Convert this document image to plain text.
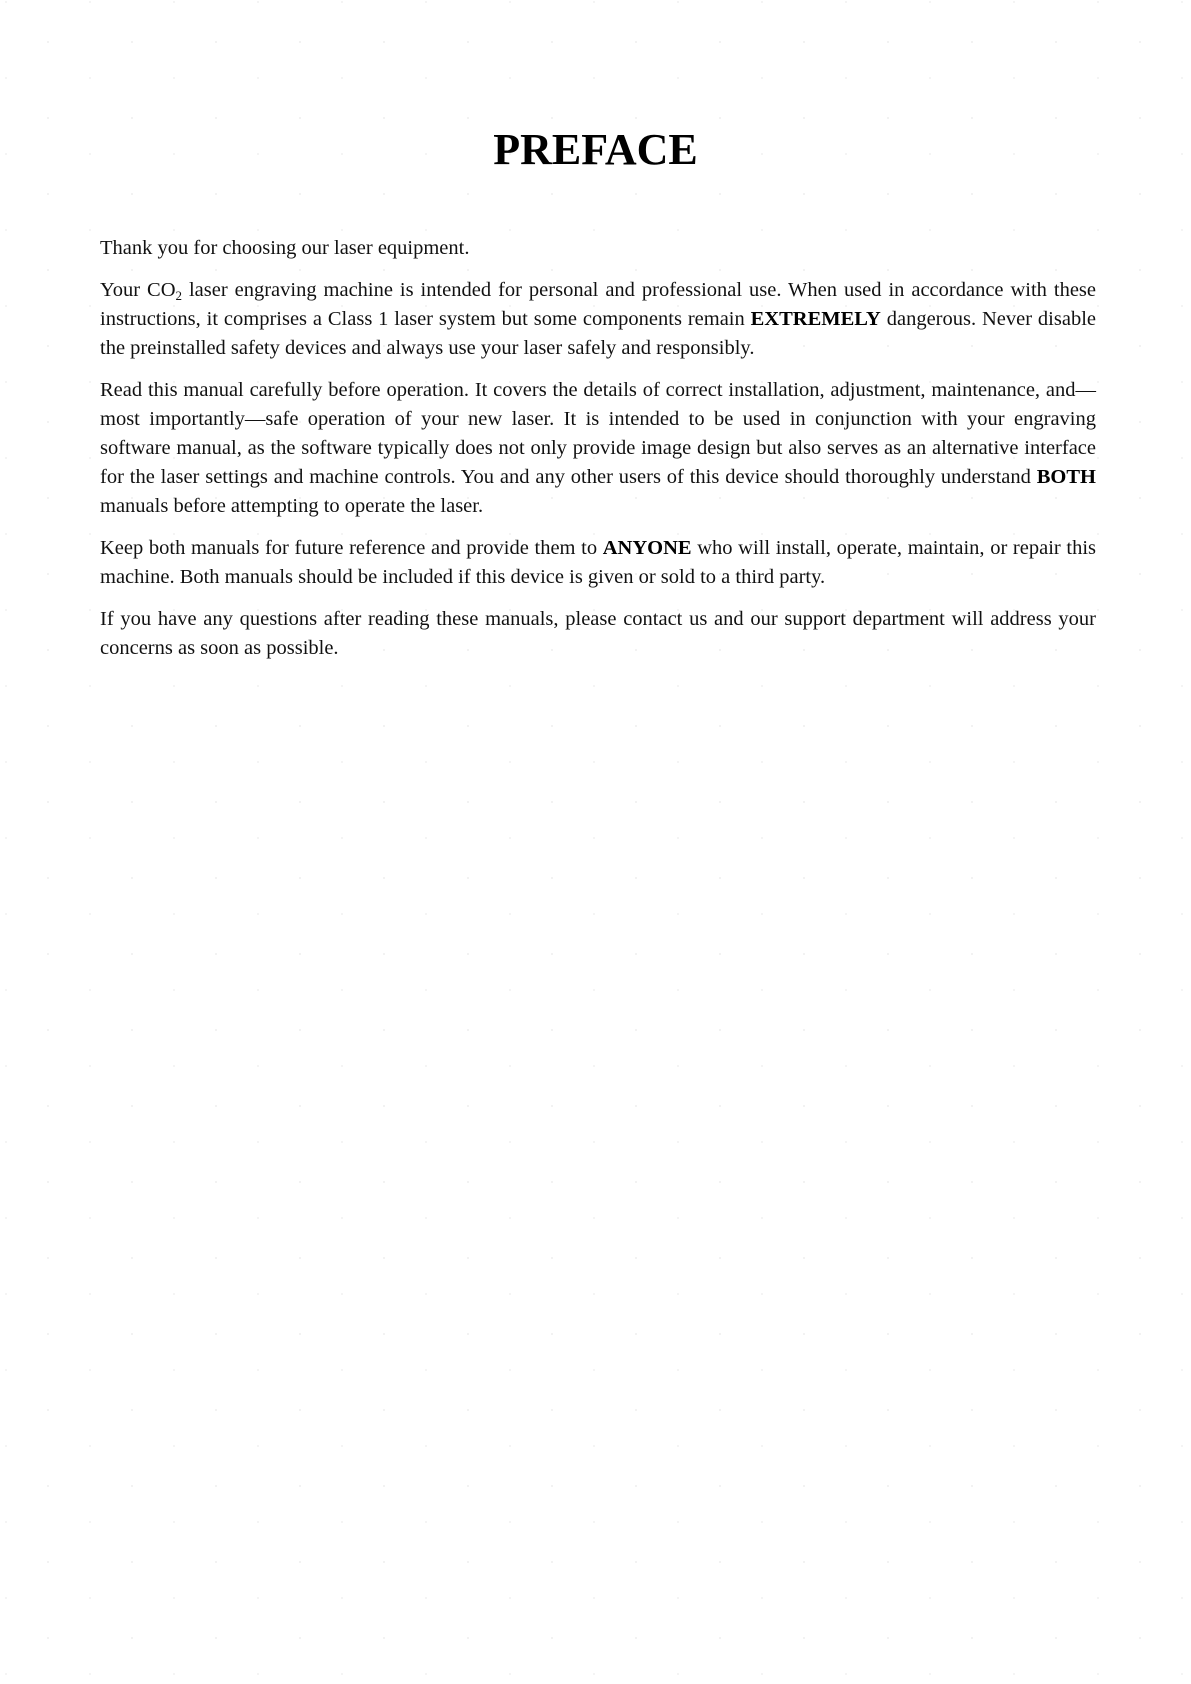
PREFACE

Thank you for choosing our laser equipment.

Your $CO_2$ laser engraving machine is intended for personal and professional use. When used in accordance with these instructions, it comprises a Class 1 laser system but some components remain EXTREMELY dangerous. Never disable the preinstalled safety devices and always use your laser safely and responsibly.

Read this manual carefully before operation. It covers the details of correct installation, adjustment, maintenance, and—most importantly—safe operation of your new laser. It is intended to be used in conjunction with your engraving software manual, as the software typically does not only provide image design but also serves as an alternative interface for the laser settings and machine controls. You and any other users of this device should thoroughly understand BOTH manuals before attempting to operate the laser.

Keep both manuals for future reference and provide them to ANYONE who will install, operate, maintain, or repair this machine. Both manuals should be included if this device is given or sold to a third party.

If you have any questions after reading these manuals, please contact us and our support department will address your concerns as soon as possible.
